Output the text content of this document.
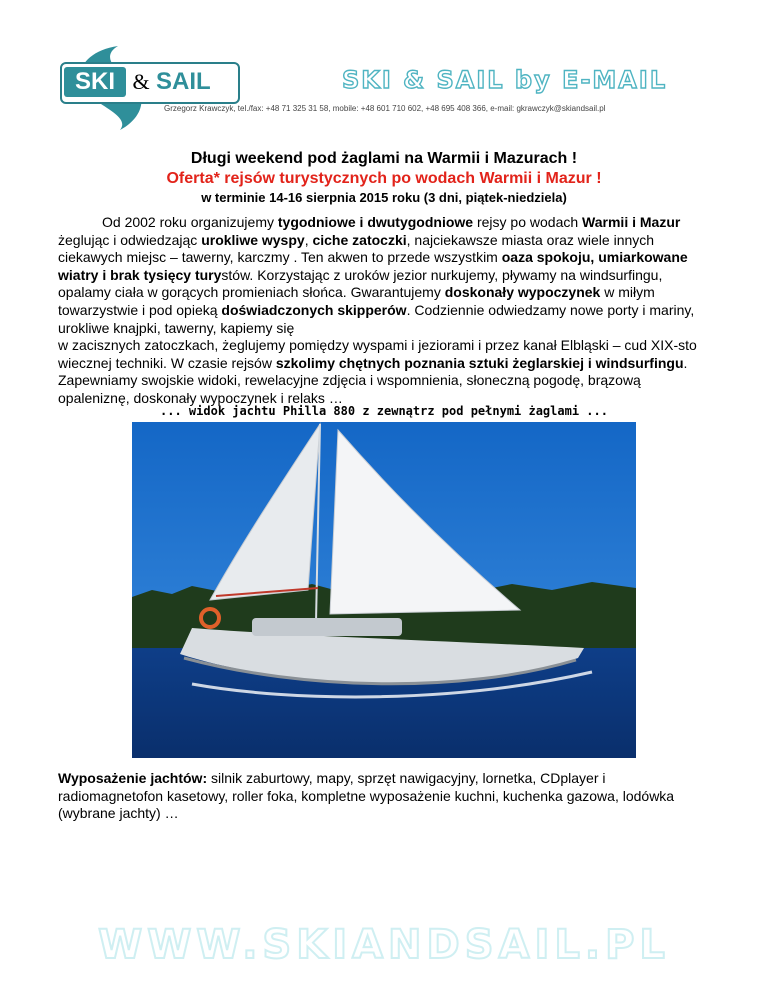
SKI & SAIL	SKI & SAIL by E-MAIL
Grzegorz Krawczyk, tel./fax: +48 71 325 31 58, mobile: +48 601 710 602, +48 695 408 366, e-mail: gkrawczyk@skiandsail.pl
Długi weekend pod żaglami na Warmii i Mazurach !
Oferta* rejsów turystycznych po wodach Warmii i Mazur !
w terminie 14-16 sierpnia 2015 roku (3 dni, piątek-niedziela)

Od 2002 roku organizujemy tygodniowe i dwutygodniowe rejsy po wodach Warmii i Mazur żeglując i odwiedzając urokliwe wyspy, ciche zatoczki, najciekawsze miasta oraz wiele innych ciekawych miejsc – tawerny, karczmy . Ten akwen to przede wszystkim oaza spokoju, umiarkowane wiatry i brak tysięcy turystów. Korzystając z uroków jezior nurkujemy, pływamy na windsurfingu, opalamy ciała w gorących promieniach słońca. Gwarantujemy doskonały wypoczynek w miłym towarzystwie i pod opieką doświadczonych skipperów. Codziennie odwiedzamy nowe porty i mariny, urokliwe knajpki, tawerny, kapiemy się

w zacisznych zatoczkach, żeglujemy pomiędzy wyspami i jeziorami i przez kanał Elbląski – cud XIX-sto wiecznej techniki. W czasie rejsów szkolimy chętnych poznania sztuki żeglarskiej i windsurfingu. Zapewniamy swojskie widoki, rewelacyjne zdjęcia i wspomnienia, słoneczną pogodę, brązową opaleniznę, doskonały wypoczynek i relaks …
... widok jachtu Philla 880 z zewnątrz pod pełnymi żaglami ...
Wyposażenie jachtów: silnik zaburtowy, mapy, sprzęt nawigacyjny, lornetka, CDplayer i radiomagnetofon kasetowy, roller foka, kompletne wyposażenie kuchni, kuchenka gazowa, lodówka (wybrane jachty) …
WWW.SKIANDSAIL.PL
